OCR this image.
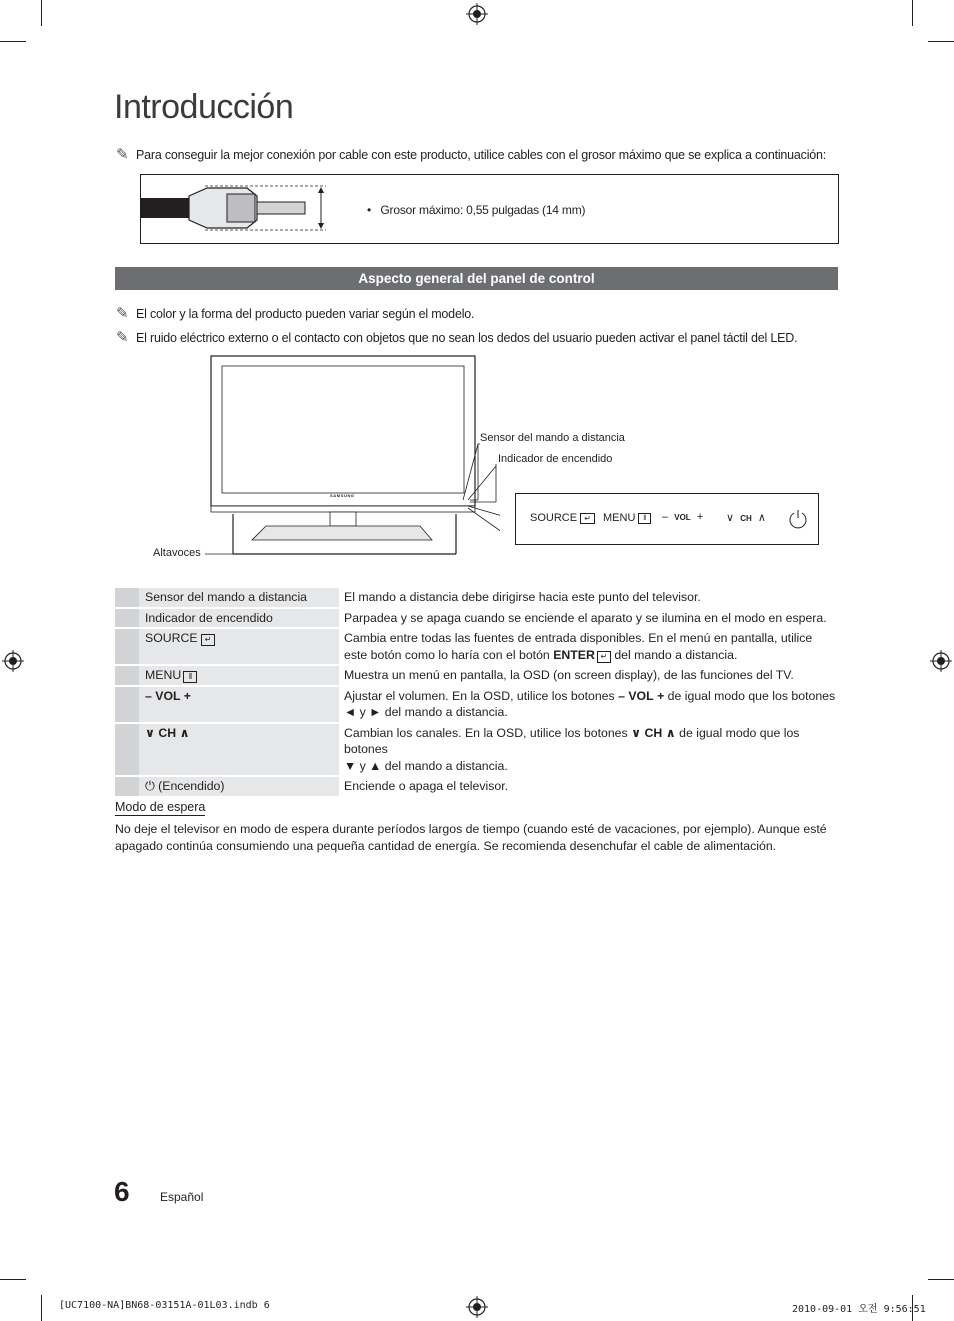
Introducción
✎ Para conseguir la mejor conexión por cable con este producto, utilice cables con el grosor máximo que se explica a continuación:
• Grosor máximo: 0,55 pulgadas (14 mm)
Aspecto general del panel de control
✎ El color y la forma del producto pueden variar según el modelo.
✎ El ruido eléctrico externo o el contacto con objetos que no sean los dedos del usuario pueden activar el panel táctil del LED.
SAMSUNG
Sensor del mando a distancia
Indicador de encendido
Altavoces
SOURCE ↵	MENU ⦀	– VOL + ∨ CH ∧
	Sensor del mando a distancia	El mando a distancia debe dirigirse hacia este punto del televisor.
	Indicador de encendido	Parpadea y se apaga cuando se enciende el aparato y se ilumina en el modo en espera.
	SOURCE ↵	Cambia entre todas las fuentes de entrada disponibles. En el menú en pantalla, utilice este botón como lo haría con el botón ENTER ↵ del mando a distancia.
	MENU ⦀	Muestra un menú en pantalla, la OSD (on screen display), de las funciones del TV.
	– VOL +	Ajustar el volumen. En la OSD, utilice los botones – VOL + de igual modo que los botones
◄ y ► del mando a distancia.
	∨ CH ∧	Cambian los canales. En la OSD, utilice los botones ∨ CH ∧ de igual modo que los botones
▼ y ▲ del mando a distancia.
	⏻ (Encendido)	Enciende o apaga el televisor.
Modo de espera
No deje el televisor en modo de espera durante períodos largos de tiempo (cuando esté de vacaciones, por ejemplo). Aunque esté apagado continúa consumiendo una pequeña cantidad de energía. Se recomienda desenchufar el cable de alimentación.
6	Español
[UC7100-NA]BN68-03151A-01L03.indb 6	2010-09-01 오전 9:56:51
